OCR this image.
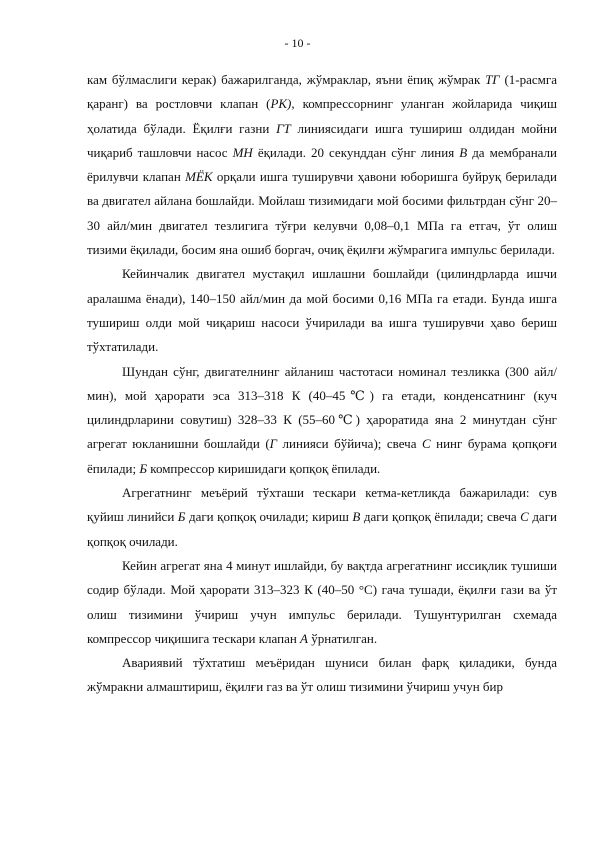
- 10 -

кам бўлмаслиги керак) бажарилганда, жўмраклар, яъни ёпиқ жўмрак ТГ (1-расмга қаранг) ва ростловчи клапан (РК), компрессорнинг уланган жойларида чиқиш ҳолатида бўлади. Ёқилғи газни ГТ линиясидаги ишга тушириш олдидан мойни чиқариб ташловчи насос МН ёқилади. 20 секунддан сўнг линия В да мембранали ёрилувчи клапан МЁК орқали ишга туширувчи ҳавони юборишга буйруқ берилади ва двигател айлана бошлайди. Мойлаш тизимидаги мой босими фильтрдан сўнг 20–30 айл/мин двигател тезлигига тўғри келувчи 0,08–0,1 МПа га етгач, ўт олиш тизими ёқилади, босим яна ошиб боргач, очиқ ёқилғи жўмрагига импульс берилади.

Кейинчалик двигател мустақил ишлашни бошлайди (цилиндрларда ишчи аралашма ёнади), 140–150 айл/мин да мой босими 0,16 МПа га етади. Бунда ишга тушириш олди мой чиқариш насоси ўчирилади ва ишга туширувчи ҳаво бериш тўхтатилади.

Шундан сўнг, двигателнинг айланиш частотаси номинал тезликка (300 айл/мин), мой ҳарорати эса 313–318 К (40–45℃) га етади, конденсатнинг (куч цилиндрларини совутиш) 328–33 К (55–60℃) ҳароратида яна 2 минутдан сўнг агрегат юкланишни бошлайди (Г линияси бўйича); свеча С нинг бурама қопқоғи ёпилади; Б компрессор киришидаги қопқоқ ёпилади.

Агрегатнинг меъёрий тўхташи тескари кетма-кетликда бажарилади: сув қуйиш линийси Б даги қопқоқ очилади; кириш В даги қопқоқ ёпилади; свеча С даги қопқоқ очилади.

Кейин агрегат яна 4 минут ишлайди, бу вақтда агрегатнинг иссиқлик тушиши содир бўлади. Мой ҳарорати 313–323 К (40–50 °С) гача тушади, ёқилғи гази ва ўт олиш тизимини ўчириш учун импульс берилади. Тушунтурилган схемада компрессор чиқишига тескари клапан А ўрнатилган.

Авариявий тўхтатиш меъёридан шуниси билан фарқ қиладики, бунда жўмракни алмаштириш, ёқилғи газ ва ўт олиш тизимини ўчириш учун бир
